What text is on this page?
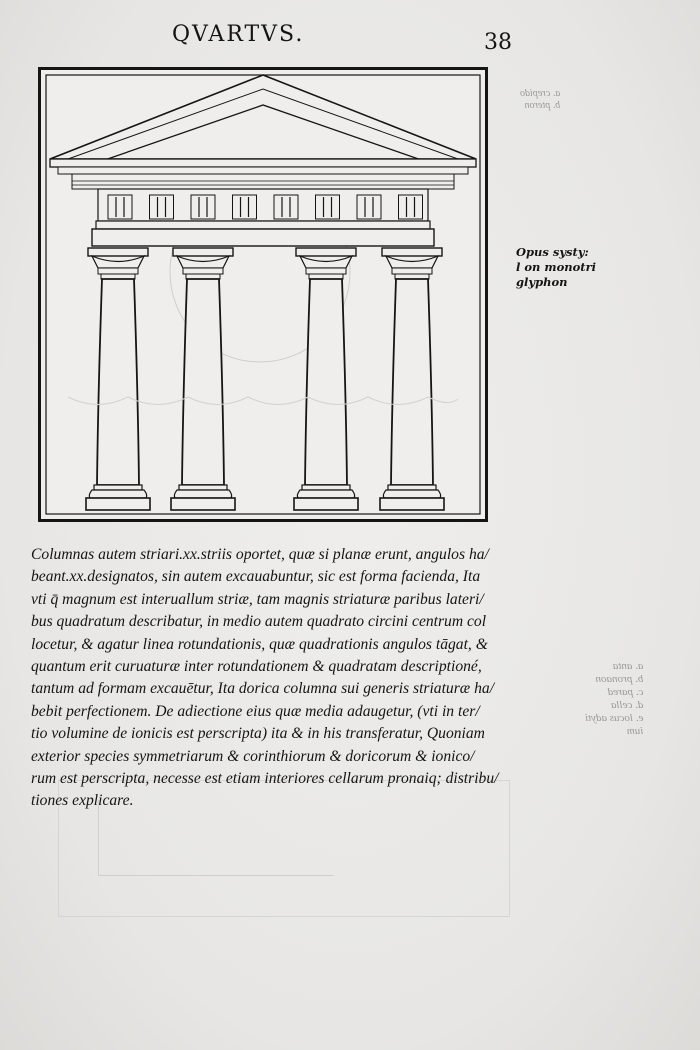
a. crepido
b. pteron
a. anta
b. pronaon
c. pared
d. cella
e. locus adyti
ium
QVARTVS.	38
Opus systy:
l on monotri
glyphon
Columnas autem striari.xx.striis oportet, quæ si planæ erunt, angulos ha/
beant.xx.designatos, sin autem excauabuntur, sic est forma facienda, Ita
vti q̄ magnum est interuallum striæ, tam magnis striaturæ paribus lateri/
bus quadratum describatur, in medio autem quadrato circini centrum col
locetur, & agatur linea rotundationis, quæ quadrationis angulos tāgat, &
quantum erit curuaturæ inter rotundationem & quadratam descriptioné,
tantum ad formam excauētur, Ita dorica columna sui generis striaturæ ha/
bebit perfectionem. De adiectione eius quæ media adaugetur, (vti in ter/
tio volumine de ionicis est perscripta) ita & in his transferatur, Quoniam
exterior species symmetriarum & corinthiorum & doricorum & ionico/
rum est perscripta, necesse est etiam interiores cellarum pronaiq; distribu/
tiones explicare.
